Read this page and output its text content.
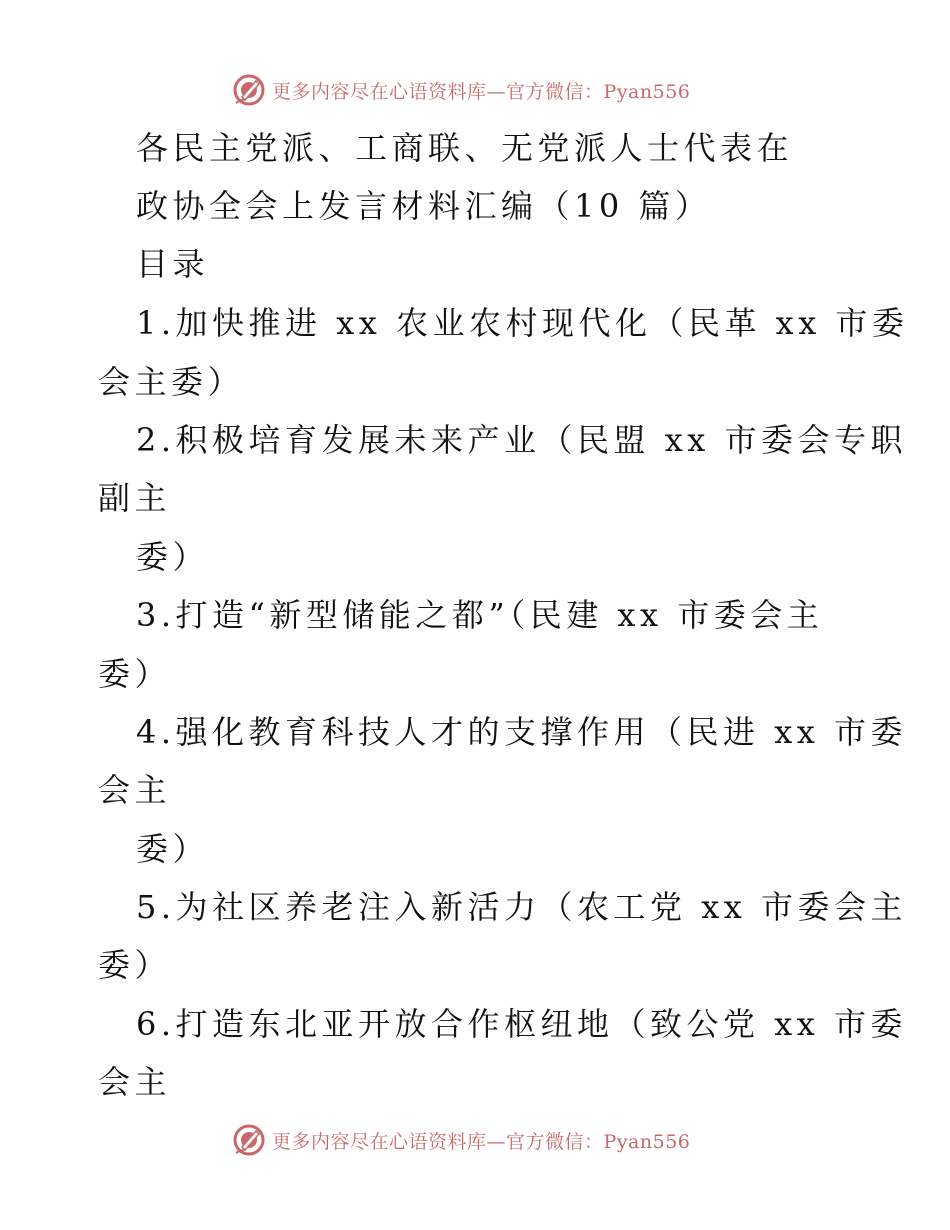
更多内容尽在心语资料库—官方微信：Pyan556
各民主党派、工商联、无党派人士代表在
政协全会上发言材料汇编（10 篇）
目录
1.加快推进 xx 农业农村现代化（民革 xx 市委
会主委）
2.积极培育发展未来产业（民盟 xx 市委会专职
副主
委）
3.打造“新型储能之都”（民建 xx 市委会主
委）
4.强化教育科技人才的支撑作用（民进 xx 市委
会主
委）
5.为社区养老注入新活力（农工党 xx 市委会主
委）
6.打造东北亚开放合作枢纽地（致公党 xx 市委
会主
更多内容尽在心语资料库—官方微信：Pyan556
